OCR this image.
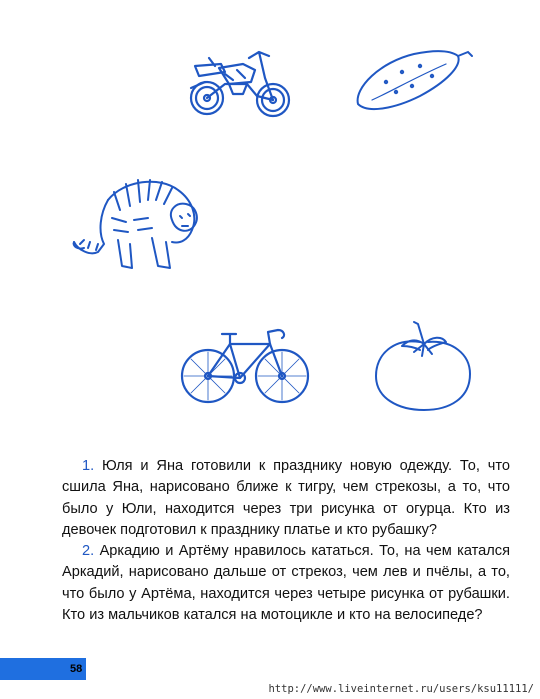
1. Юля и Яна готовили к празднику новую одежду. То, что сшила Яна, нарисовано ближе к тигру, чем стрекозы, а то, что было у Юли, находится через три рисунка от огурца. Кто из девочек подготовил к празднику платье и кто рубашку?

2. Аркадию и Артёму нравилось кататься. То, на чем катался Аркадий, нарисовано дальше от стрекоз, чем лев и пчёлы, а то, что было у Артёма, находится через четыре рисунка от рубашки. Кто из мальчиков катался на мотоцикле и кто на велосипеде?

58
http://www.liveinternet.ru/users/ksu11111/
